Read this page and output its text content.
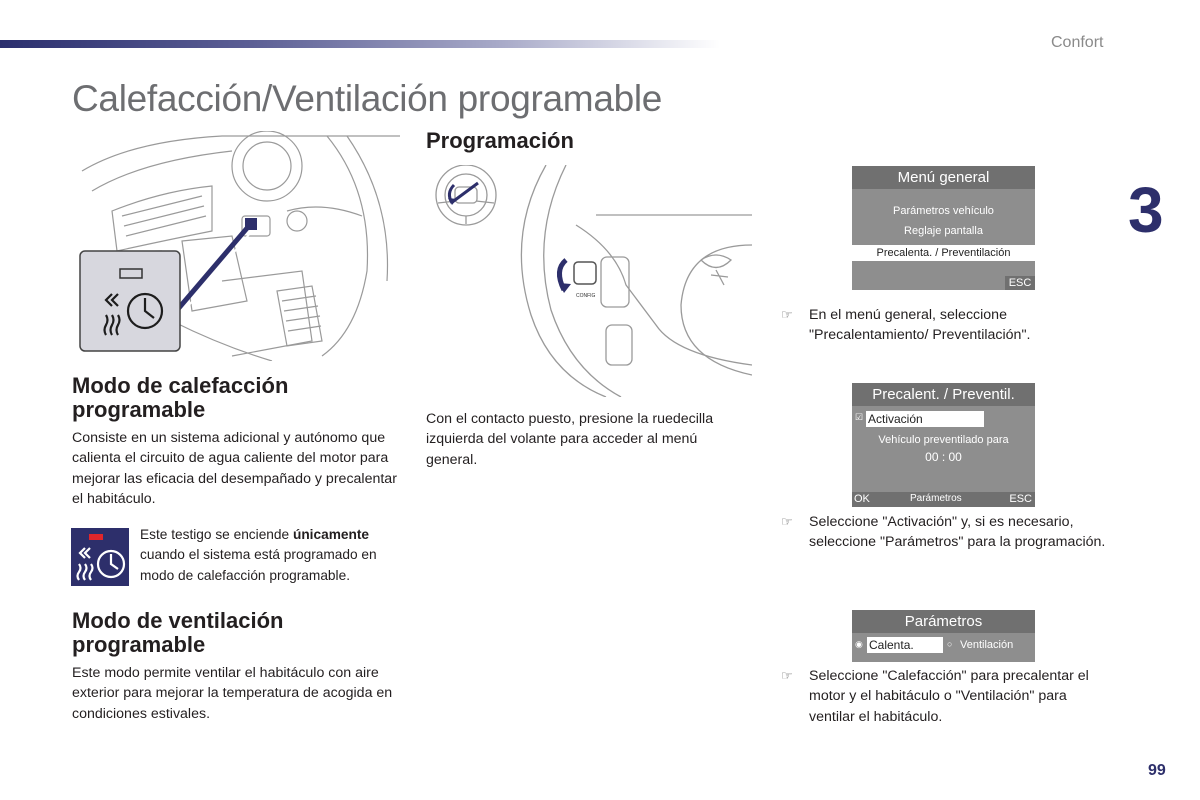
Confort
3
Calefacción/Ventilación programable
Modo de calefacción programable

Consiste en un sistema adicional y autónomo que calienta el circuito de agua caliente del motor para mejorar las eficacia del desempañado y precalentar el habitáculo.

Este testigo se enciende únicamente cuando el sistema está programado en modo de calefacción programable.

Modo de ventilación programable

Este modo permite ventilar el habitáculo con aire exterior para mejorar la temperatura de acogida en condiciones estivales.

Programación
CONFIG

Con el contacto puesto, presione la ruedecilla izquierda del volante para acceder al menú general.

Menú general
Parámetros vehículo
Reglaje pantalla
Precalenta. / Preventilación
ESC

☞ En el menú general, seleccione "Precalentamiento/ Preventilación".

Precalent. / Preventil.
☑ Activación
Vehículo preventilado para
00 : 00
OK	Parámetros	ESC

☞ Seleccione "Activación" y, si es necesario, seleccione "Parámetros" para la programación.

Parámetros
◉ Calenta.	○ Ventilación

☞ Seleccione "Calefacción" para precalentar el motor y el habitáculo o "Ventilación" para ventilar el habitáculo.

99
